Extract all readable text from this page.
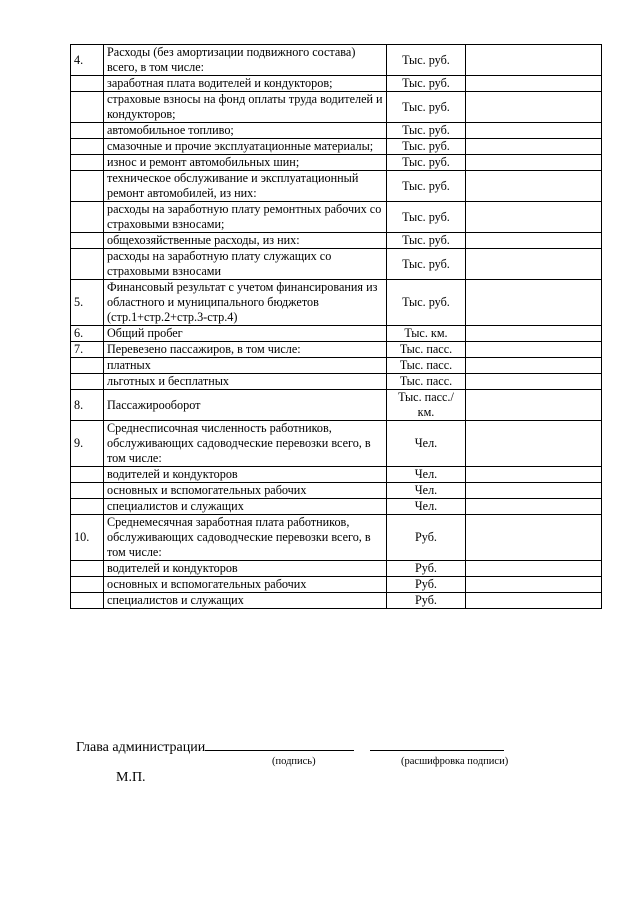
4.	Расходы (без амортизации подвижного состава) всего, в том числе:	Тыс. руб.	
	заработная плата водителей и кондукторов;	Тыс. руб.	
	страховые взносы на фонд оплаты труда водителей и кондукторов;	Тыс. руб.	
	автомобильное топливо;	Тыс. руб.	
	смазочные и прочие эксплуатационные материалы;	Тыс. руб.	
	износ и ремонт автомобильных шин;	Тыс. руб.	
	техническое обслуживание и эксплуатационный ремонт автомобилей, из них:	Тыс. руб.	
	расходы на заработную плату ремонтных рабочих со страховыми взносами;	Тыс. руб.	
	общехозяйственные расходы, из них:	Тыс. руб.	
	расходы на заработную плату служащих со страховыми взносами	Тыс. руб.	
5.	Финансовый результат с учетом финансирования из областного и муниципального бюджетов (стр.1+стр.2+стр.3-стр.4)	Тыс. руб.	
6.	Общий пробег	Тыс. км.	
7.	Перевезено пассажиров, в том числе:	Тыс. пасс.	
	платных	Тыс. пасс.	
	льготных и бесплатных	Тыс. пасс.	
8.	Пассажирооборот	Тыс. пасс./км.	
9.	Среднесписочная численность работников, обслуживающих садоводческие перевозки всего, в том числе:	Чел.	
	водителей и кондукторов	Чел.	
	основных и вспомогательных рабочих	Чел.	
	специалистов и служащих	Чел.	
10.	Среднемесячная заработная плата работников, обслуживающих садоводческие перевозки всего, в том числе:	Руб.	
	водителей и кондукторов	Руб.	
	основных и вспомогательных рабочих	Руб.	
	специалистов и служащих	Руб.	
Глава администрации
(подпись)	(расшифровка подписи)
М.П.
